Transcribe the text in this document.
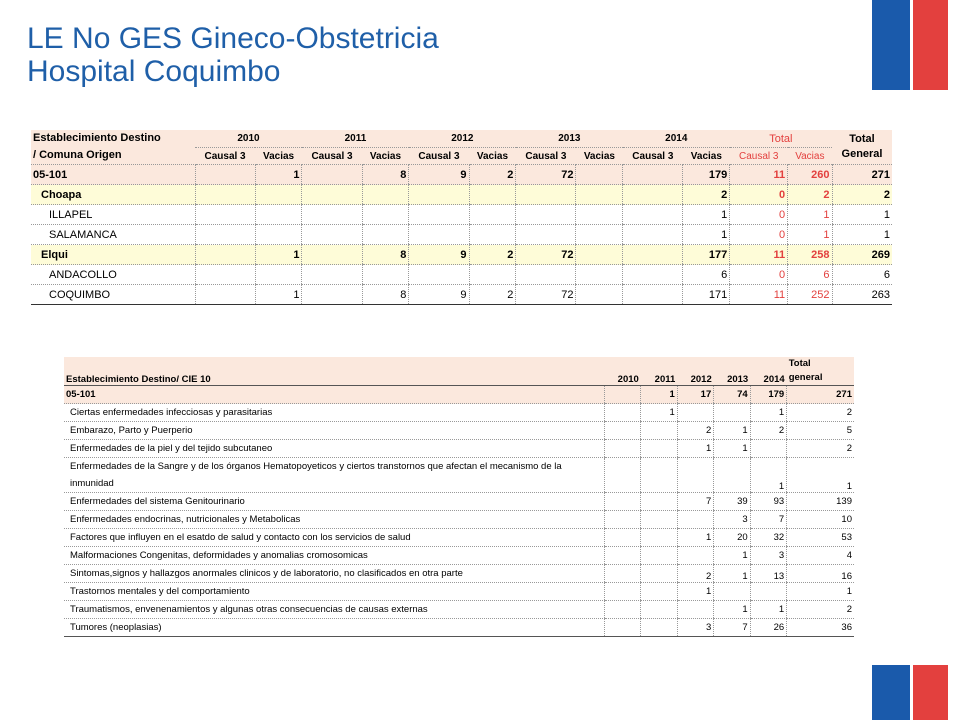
LE No GES Gineco-Obstetricia
Hospital Coquimbo
Establecimiento Destino
/ Comuna Origen	2010		2011		2012		2013		2014		Total		Total
General
	Causal 3	Vacias	Causal 3	Vacias	Causal 3	Vacias	Causal 3	Vacias	Causal 3	Vacias	Causal 3	Vacias	
05-101		1		8	9	2	72			179	11	260	271
Choapa										2	0	2	2
ILLAPEL										1	0	1	1
SALAMANCA										1	0	1	1
Elqui		1		8	9	2	72			177	11	258	269
ANDACOLLO										6	0	6	6
COQUIMBO		1		8	9	2	72			171	11	252	263
Establecimiento Destino/ CIE 10	2010	2011	2012	2013	2014	Total
general
05-101		1	17	74	179	271
Ciertas enfermedades infecciosas y parasitarias		1			1	2
Embarazo, Parto y Puerperio			2	1	2	5
Enfermedades de la piel y del tejido subcutaneo			1	1		2
Enfermedades de la Sangre y de los órganos Hematopoyeticos y ciertos transtornos que afectan el mecanismo de la inmunidad					1	1
Enfermedades del sistema Genitourinario			7	39	93	139
Enfermedades endocrinas, nutricionales y Metabolicas				3	7	10
Factores que influyen en el esatdo de salud y contacto con los servicios de salud			1	20	32	53
Malformaciones Congenitas, deformidades y anomalias cromosomicas				1	3	4
Sintomas,signos y hallazgos anormales clinicos y de laboratorio, no clasificados en otra parte			2	1	13	16
Trastornos mentales y del comportamiento			1			1
Traumatismos, envenenamientos y algunas otras consecuencias de causas externas				1	1	2
Tumores (neoplasias)			3	7	26	36
